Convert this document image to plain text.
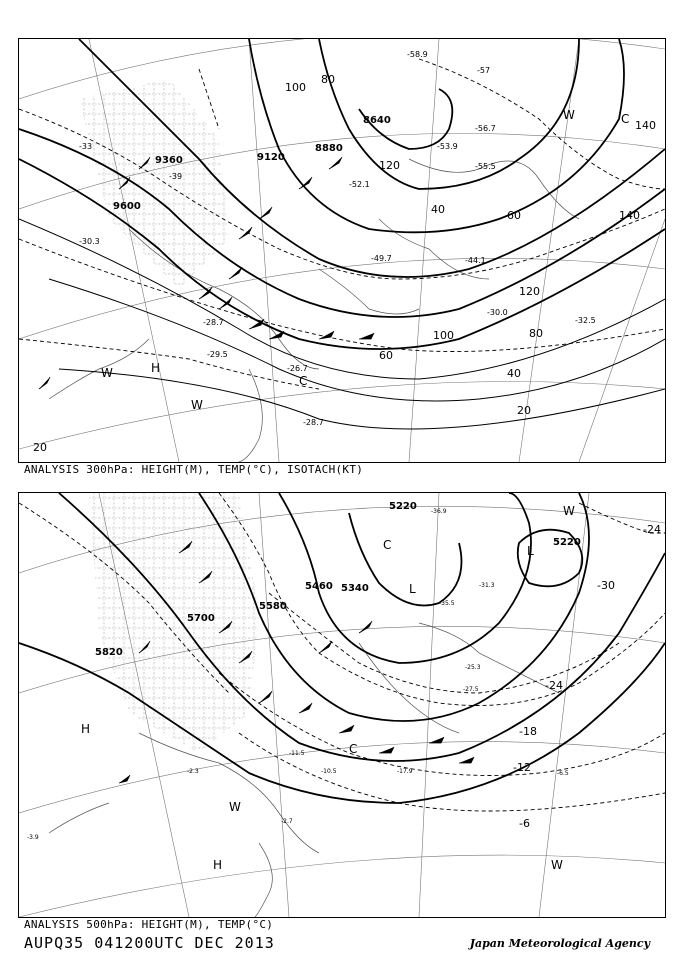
9600
9360	9120
8880
8640
20
40
60
80
100
120
140
20
40	60
80
100
120
140
-39
-33
-30.3
-28.7
-29.5
-26.7
-28.7
-58.9
-57
-56.7
-55.5
-53.9
-52.1
-49.7	-44.1
-30.0
-32.5
H
W
W
C
W	C
ANALYSIS 300hPa: HEIGHT(M), TEMP(°C), ISOTACH(KT)
5820
5700
5580
5460 5340
5220
5220
-24
-30
-24
-18
-12
-6
-31.3
-36.9
-35.5
-25.3
-27.5
-17.9
-11.5
-10.5
-2.3
-2.7
-3.9
-6.5
H
H
W
W
C
L
L
C
W
ANALYSIS 500hPa: HEIGHT(M), TEMP(°C)
AUPQ35 041200UTC DEC 2013	Japan Meteorological Agency
